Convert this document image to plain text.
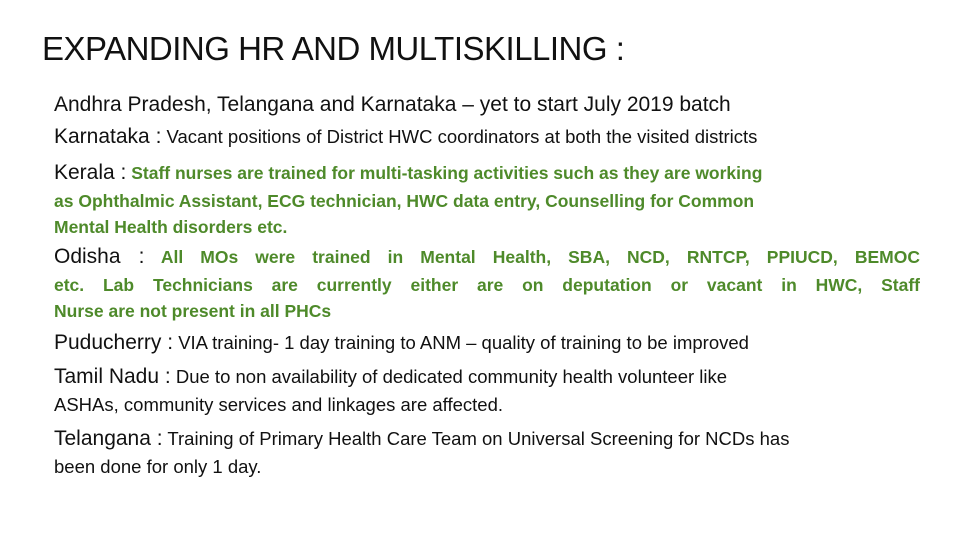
EXPANDING HR AND MULTISKILLING :
Andhra Pradesh, Telangana and Karnataka – yet to start July 2019 batch
Karnataka : Vacant positions of District HWC coordinators at both the visited districts
Kerala : Staff nurses are trained for multi-tasking activities such as they are working
as Ophthalmic Assistant, ECG technician, HWC data entry, Counselling for Common
Mental Health disorders etc.
Odisha : All MOs were trained in Mental Health, SBA, NCD, RNTCP, PPIUCD, BEMOC
etc. Lab Technicians are currently either are on deputation or vacant in HWC, Staff
Nurse are not present in all PHCs
Puducherry : VIA training- 1 day training to ANM – quality of training to be improved
Tamil Nadu : Due to non availability of dedicated community health volunteer like
ASHAs, community services and linkages are affected.
Telangana : Training of Primary Health Care Team on Universal Screening for NCDs has
been done for only 1 day.
